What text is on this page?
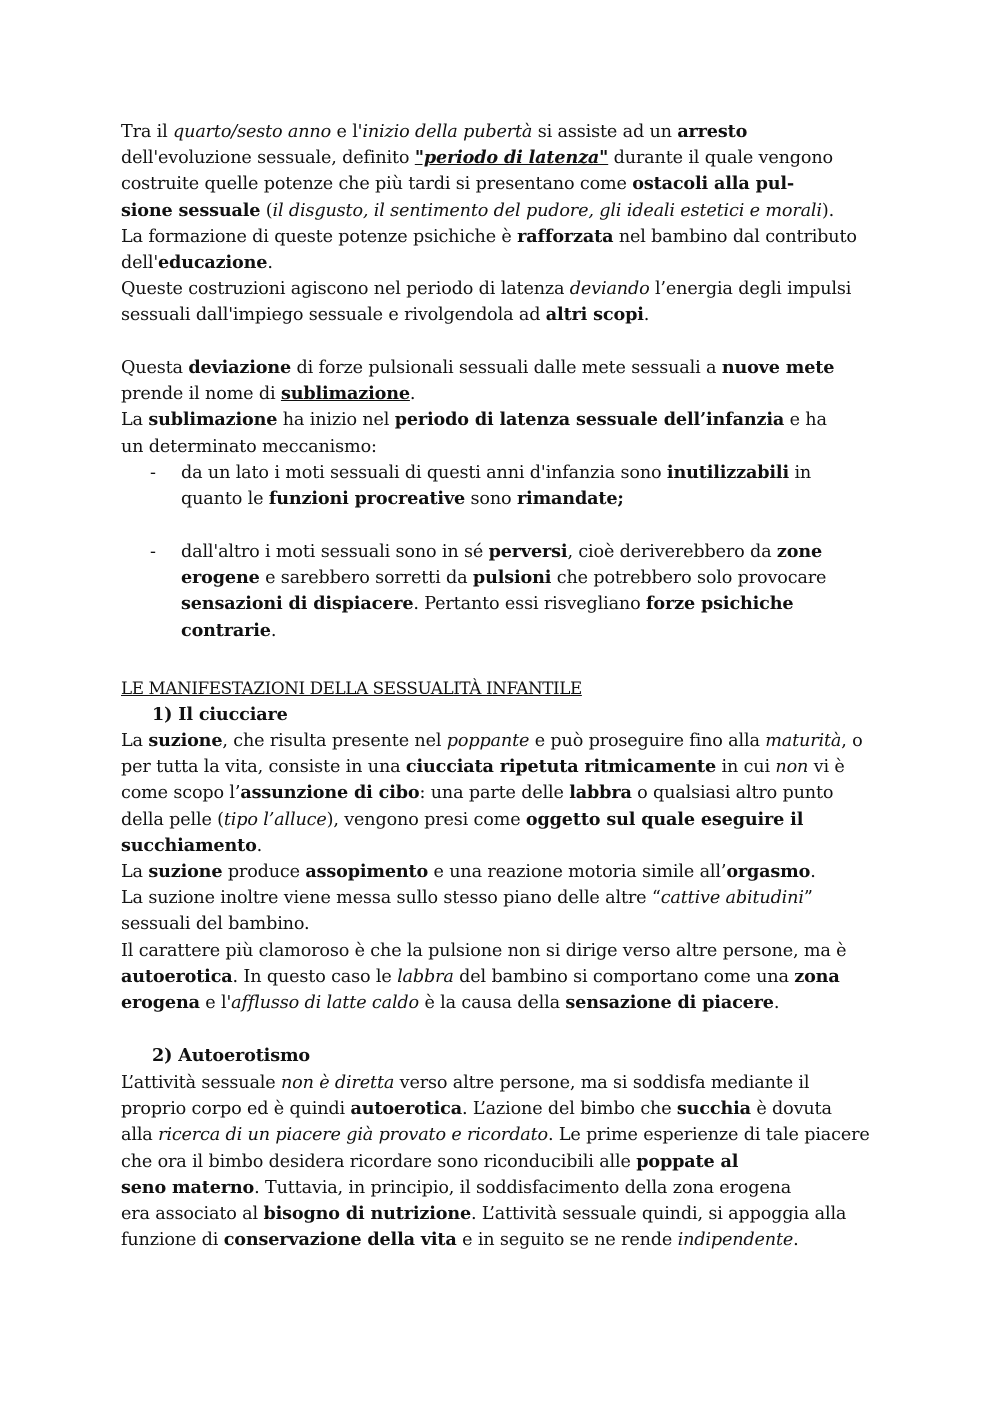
Tra il quarto/sesto anno e l'inizio della pubertà si assiste ad un arresto
dell'evoluzione sessuale, definito "periodo di latenza" durante il quale vengono
costruite quelle potenze che più tardi si presentano come ostacoli alla pul-
sione sessuale (il disgusto, il sentimento del pudore, gli ideali estetici e morali).
La formazione di queste potenze psichiche è rafforzata nel bambino dal contributo
dell'educazione.
Queste costruzioni agiscono nel periodo di latenza deviando l’energia degli impulsi
sessuali dall'impiego sessuale e rivolgendola ad altri scopi.
Questa deviazione di forze pulsionali sessuali dalle mete sessuali a nuove mete
prende il nome di sublimazione.
La sublimazione ha inizio nel periodo di latenza sessuale dell’infanzia e ha
un determinato meccanismo:
- da un lato i moti sessuali di questi anni d'infanzia sono inutilizzabili in
quanto le funzioni procreative sono rimandate;
- dall'altro i moti sessuali sono in sé perversi, cioè deriverebbero da zone
erogene e sarebbero sorretti da pulsioni che potrebbero solo provocare
sensazioni di dispiacere. Pertanto essi risvegliano forze psichiche
contrarie.
LE MANIFESTAZIONI DELLA SESSUALITÀ INFANTILE
1) Il ciucciare
La suzione, che risulta presente nel poppante e può proseguire fino alla maturità, o
per tutta la vita, consiste in una ciucciata ripetuta ritmicamente in cui non vi è
come scopo l’assunzione di cibo: una parte delle labbra o qualsiasi altro punto
della pelle (tipo l’alluce), vengono presi come oggetto sul quale eseguire il
succhiamento.
La suzione produce assopimento e una reazione motoria simile all’orgasmo.
La suzione inoltre viene messa sullo stesso piano delle altre “cattive abitudini”
sessuali del bambino.
Il carattere più clamoroso è che la pulsione non si dirige verso altre persone, ma è
autoerotica. In questo caso le labbra del bambino si comportano come una zona
erogena e l'afflusso di latte caldo è la causa della sensazione di piacere.
2) Autoerotismo
L’attività sessuale non è diretta verso altre persone, ma si soddisfa mediante il
proprio corpo ed è quindi autoerotica. L’azione del bimbo che succhia è dovuta
alla ricerca di un piacere già provato e ricordato. Le prime esperienze di tale piacere
che ora il bimbo desidera ricordare sono riconducibili alle poppate al
seno materno. Tuttavia, in principio, il soddisfacimento della zona erogena
era associato al bisogno di nutrizione. L’attività sessuale quindi, si appoggia alla
funzione di conservazione della vita e in seguito se ne rende indipendente.
